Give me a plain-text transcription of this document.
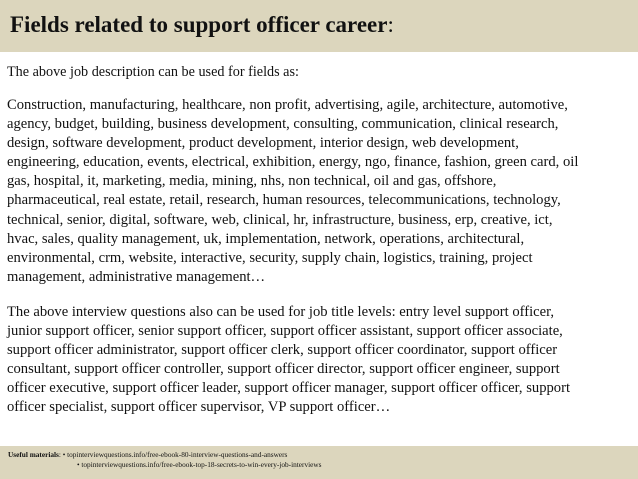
Fields related to support officer career:
The above job description can be used for fields as:
Construction, manufacturing, healthcare, non profit, advertising, agile, architecture, automotive,
agency, budget, building, business development, consulting, communication, clinical research,
design, software development, product development, interior design, web development,
engineering, education, events, electrical, exhibition, energy, ngo, finance, fashion, green card, oil
gas, hospital, it, marketing, media, mining, nhs, non technical, oil and gas, offshore,
pharmaceutical, real estate, retail, research, human resources, telecommunications, technology,
technical, senior, digital, software, web, clinical, hr, infrastructure, business, erp, creative, ict,
hvac, sales, quality management, uk, implementation, network, operations, architectural,
environmental, crm, website, interactive, security, supply chain, logistics, training, project
management, administrative management…
The above interview questions also can be used for job title levels: entry level support officer,
junior support officer, senior support officer, support officer assistant, support officer associate,
support officer administrator, support officer clerk, support officer coordinator, support officer
consultant, support officer controller, support officer director, support officer engineer, support
officer executive, support officer leader, support officer manager, support officer officer, support
officer specialist, support officer supervisor, VP support officer…
Useful materials: • topinterviewquestions.info/free-ebook-80-interview-questions-and-answers
• topinterviewquestions.info/free-ebook-top-18-secrets-to-win-every-job-interviews
